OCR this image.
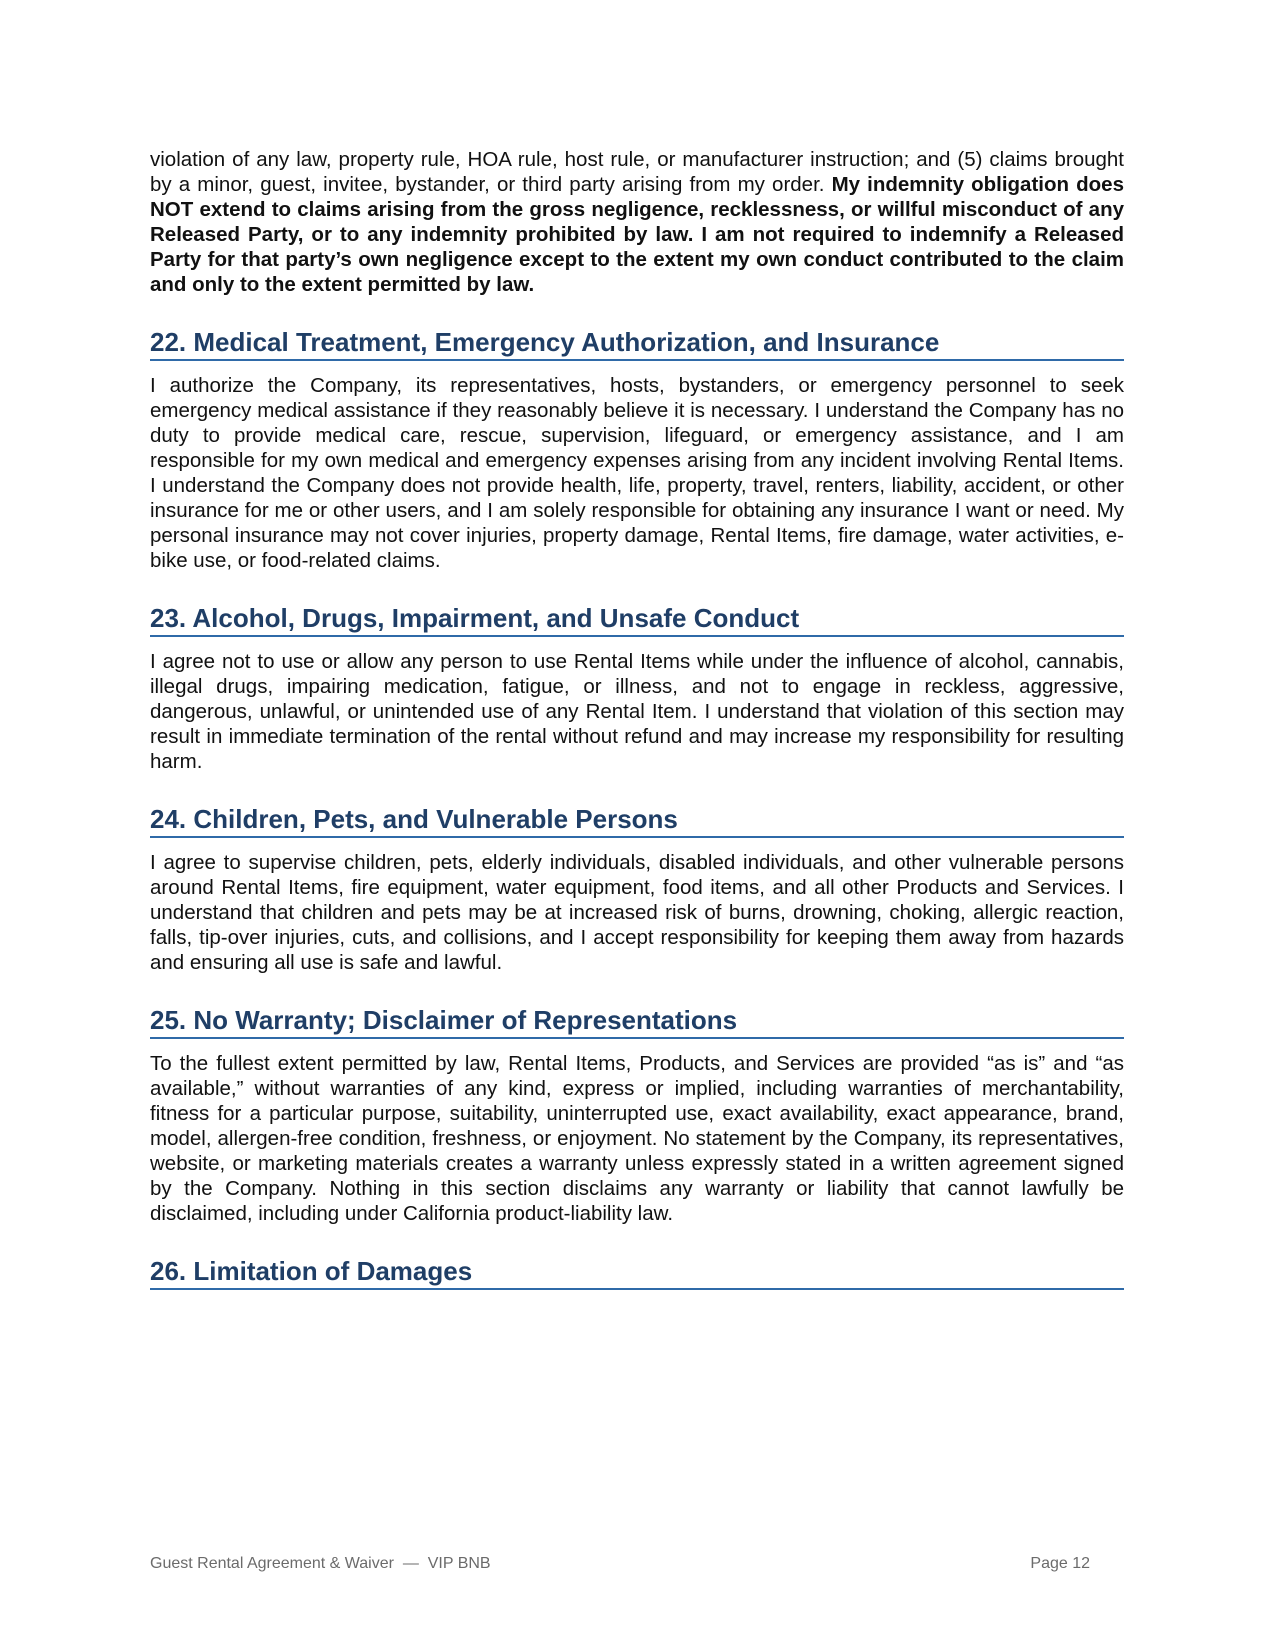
violation of any law, property rule, HOA rule, host rule, or manufacturer instruction; and (5) claims brought by a minor, guest, invitee, bystander, or third party arising from my order. My indemnity obligation does NOT extend to claims arising from the gross negligence, recklessness, or willful misconduct of any Released Party, or to any indemnity prohibited by law. I am not required to indemnify a Released Party for that party’s own negligence except to the extent my own conduct contributed to the claim and only to the extent permitted by law.

22. Medical Treatment, Emergency Authorization, and Insurance

I authorize the Company, its representatives, hosts, bystanders, or emergency personnel to seek emergency medical assistance if they reasonably believe it is necessary. I understand the Company has no duty to provide medical care, rescue, supervision, lifeguard, or emergency assistance, and I am responsible for my own medical and emergency expenses arising from any incident involving Rental Items. I understand the Company does not provide health, life, property, travel, renters, liability, accident, or other insurance for me or other users, and I am solely responsible for obtaining any insurance I want or need. My personal insurance may not cover injuries, property damage, Rental Items, fire damage, water activities, e-bike use, or food-related claims.

23. Alcohol, Drugs, Impairment, and Unsafe Conduct

I agree not to use or allow any person to use Rental Items while under the influence of alcohol, cannabis, illegal drugs, impairing medication, fatigue, or illness, and not to engage in reckless, aggressive, dangerous, unlawful, or unintended use of any Rental Item. I understand that violation of this section may result in immediate termination of the rental without refund and may increase my responsibility for resulting harm.

24. Children, Pets, and Vulnerable Persons

I agree to supervise children, pets, elderly individuals, disabled individuals, and other vulnerable persons around Rental Items, fire equipment, water equipment, food items, and all other Products and Services. I understand that children and pets may be at increased risk of burns, drowning, choking, allergic reaction, falls, tip-over injuries, cuts, and collisions, and I accept responsibility for keeping them away from hazards and ensuring all use is safe and lawful.

25. No Warranty; Disclaimer of Representations

To the fullest extent permitted by law, Rental Items, Products, and Services are provided “as is” and “as available,” without warranties of any kind, express or implied, including warranties of merchantability, fitness for a particular purpose, suitability, uninterrupted use, exact availability, exact appearance, brand, model, allergen-free condition, freshness, or enjoyment. No statement by the Company, its representatives, website, or marketing materials creates a warranty unless expressly stated in a written agreement signed by the Company. Nothing in this section disclaims any warranty or liability that cannot lawfully be disclaimed, including under California product-liability law.

26. Limitation of Damages
Guest Rental Agreement & Waiver  —  VIP BNB	Page 12
